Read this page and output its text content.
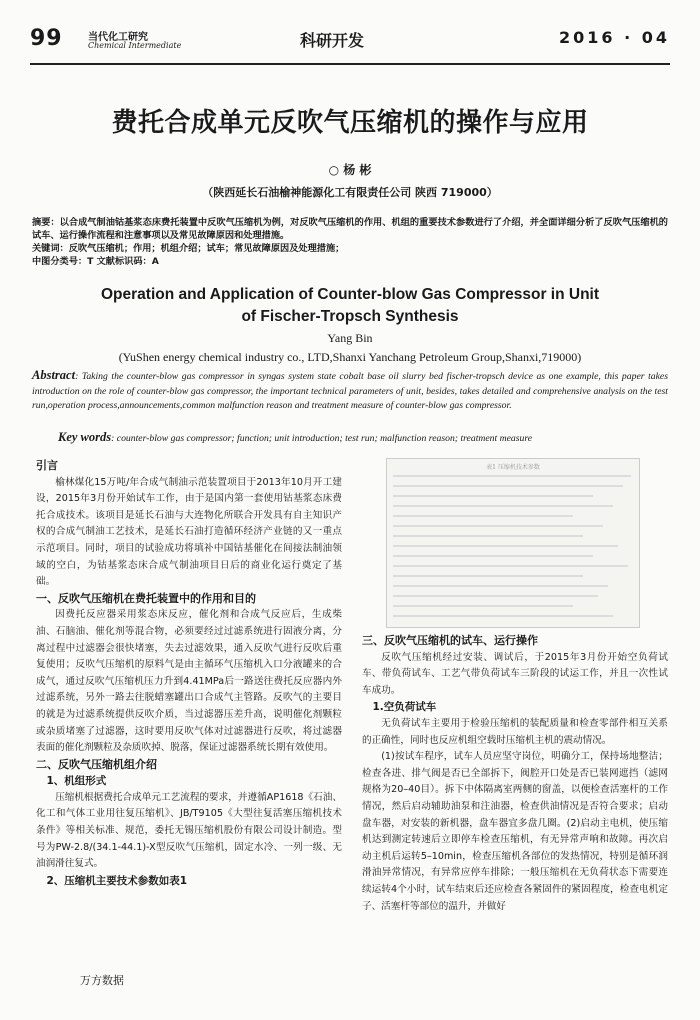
99	当代化工研究
Chemical Intermediate	科研开发	2016 · 04
费托合成单元反吹气压缩机的操作与应用
○ 杨 彬
（陕西延长石油榆神能源化工有限责任公司 陕西 719000）
摘要：以合成气制油钴基浆态床费托装置中反吹气压缩机为例，对反吹气压缩机的作用、机组的重要技术参数进行了介绍，并全面详细分析了反吹气压缩机的试车、运行操作流程和注意事项以及常见故障原因和处理措施。
关键词：反吹气压缩机；作用；机组介绍；试车；常见故障原因及处理措施；
中图分类号：T 文献标识码：A
Operation and Application of Counter-blow Gas Compressor in Unit
of Fischer-Tropsch Synthesis
Yang Bin
(YuShen energy chemical industry co., LTD,Shanxi Yanchang Petroleum Group,Shanxi,719000)
Abstract: Taking the counter-blow gas compressor in syngas system state cobalt base oil slurry bed fischer-tropsch device as one example, this paper takes introduction on the role of counter-blow gas compressor, the important technical parameters of unit, besides, takes detailed and comprehensive analysis on the test run,operation process,announcements,common malfunction reason and treatment measure of counter-blow gas compressor.
Key words: counter-blow gas compressor; function; unit introduction; test run; malfunction reason; treatment measure

引言

榆林煤化15万吨/年合成气制油示范装置项目于2013年10月开工建设，2015年3月份开始试车工作，由于是国内第一套使用钴基浆态床费托合成技术。该项目是延长石油与大连物化所联合开发具有自主知识产权的合成气制油工艺技术，是延长石油打造循环经济产业链的又一重点示范项目。同时，项目的试验成功将填补中国钴基催化在间接法制油领域的空白，为钴基浆态床合成气制油项目日后的商业化运行奠定了基础。

一、反吹气压缩机在费托装置中的作用和目的

因费托反应器采用浆态床反应，催化剂和合成气反应后，生成柴油、石脑油、催化剂等混合物，必须要经过过滤系统进行固液分离，分离过程中过滤器会很快堵塞，失去过滤效果，通入反吹气进行反吹后重复使用；反吹气压缩机的原料气是由主循环气压缩机入口分液罐来的合成气，通过反吹气压缩机压力升到4.41MPa后一路送往费托反应器内外过滤系统，另外一路去往脱蜡塞罐出口合成气主管路。反吹气的主要目的就是为过滤系统提供反吹介质，当过滤器压差升高，说明催化剂颗粒或杂质堵塞了过滤器，这时要用反吹气体对过滤器进行反吹，将过滤器表面的催化剂颗粒及杂质吹掉、脱落，保证过滤器系统长期有效使用。

二、反吹气压缩机组介绍

1、机组形式

压缩机根据费托合成单元工艺流程的要求，并遵循AP1618《石油、化工和气体工业用往复压缩机》、JB/T9105《大型往复活塞压缩机技术条件》等相关标准、规范，委托无锡压缩机股份有限公司设计制造。型号为PW-2.8/(34.1-44.1)-X型反吹气压缩机，固定水冷、一列一级、无油润滑往复式。

2、压缩机主要技术参数如表1

表1 压缩机技术参数

三、反吹气压缩机的试车、运行操作

反吹气压缩机经过安装、调试后，于2015年3月份开始空负荷试车、带负荷试车、工艺气带负荷试车三阶段的试运工作，并且一次性试车成功。

1.空负荷试车

无负荷试车主要用于检验压缩机的装配质量和检查零部件相互关系的正确性，同时也反应机组空载时压缩机主机的震动情况。

(1)按试车程序，试车人员应坚守岗位，明确分工，保持场地整洁；检查各进、排气阀是否已全部拆下，阀腔开口处是否已装网遮挡（滤网规格为20–40目）。拆下中体隔离室两侧的窗盖，以便检查活塞杆的工作情况，然后启动辅助油泵和注油器，检查供油情况是否符合要求；启动盘车器，对安装的新机器，盘车器宜多盘几圈。(2)启动主电机，使压缩机达到测定转速后立即停车检查压缩机，有无异常声响和故障。再次启动主机后运转5–10min，检查压缩机各部位的发热情况，特别是循环润滑油异常情况，有异常应停车排除；一般压缩机在无负荷状态下需要连续运转4个小时，试车结束后还应检查各紧固件的紧固程度，检查电机定子、活塞杆等部位的温升，并做好

万方数据
